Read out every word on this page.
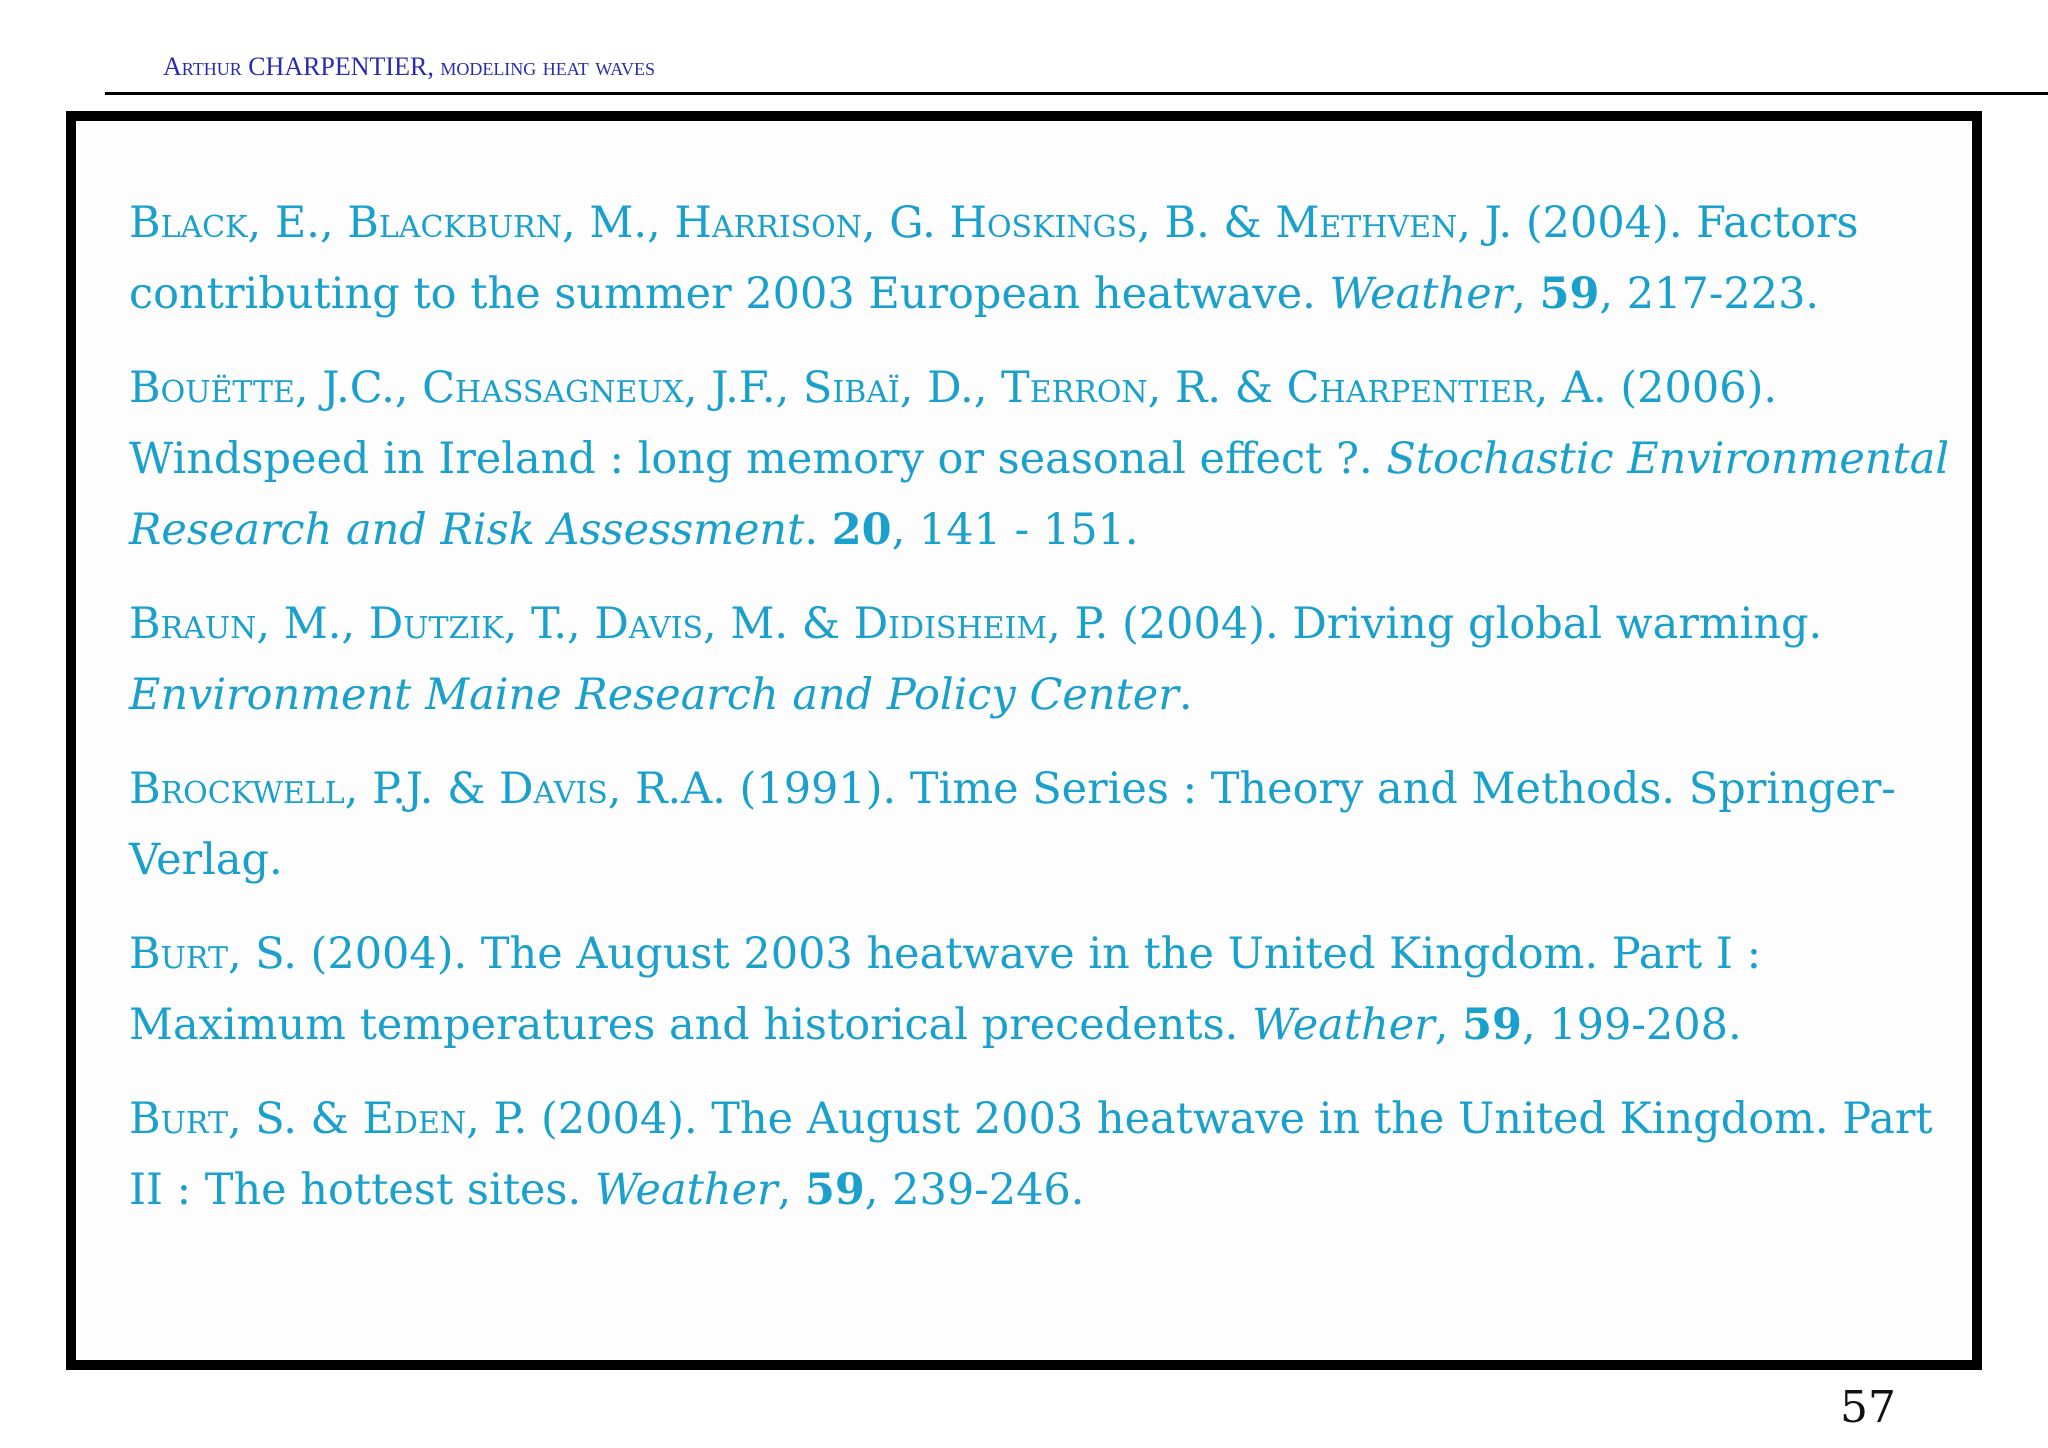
Arthur CHARPENTIER, modeling heat waves

Black, E., Blackburn, M., Harrison, G. Hoskings, B. & Methven, J. (2004). Factors contributing to the summer 2003 European heatwave. Weather, 59, 217-223.

Bouëtte, J.C., Chassagneux, J.F., Sibaï, D., Terron, R. & Charpentier, A. (2006). Windspeed in Ireland : long memory or seasonal effect ?. Stochastic Environmental Research and Risk Assessment. 20, 141 - 151.

Braun, M., Dutzik, T., Davis, M. & Didisheim, P. (2004). Driving global warming. Environment Maine Research and Policy Center.

Brockwell, P.J. & Davis, R.A. (1991). Time Series : Theory and Methods. Springer-Verlag.

Burt, S. (2004). The August 2003 heatwave in the United Kingdom. Part I : Maximum temperatures and historical precedents. Weather, 59, 199-208.

Burt, S. & Eden, P. (2004). The August 2003 heatwave in the United Kingdom. Part II : The hottest sites. Weather, 59, 239-246.

57
